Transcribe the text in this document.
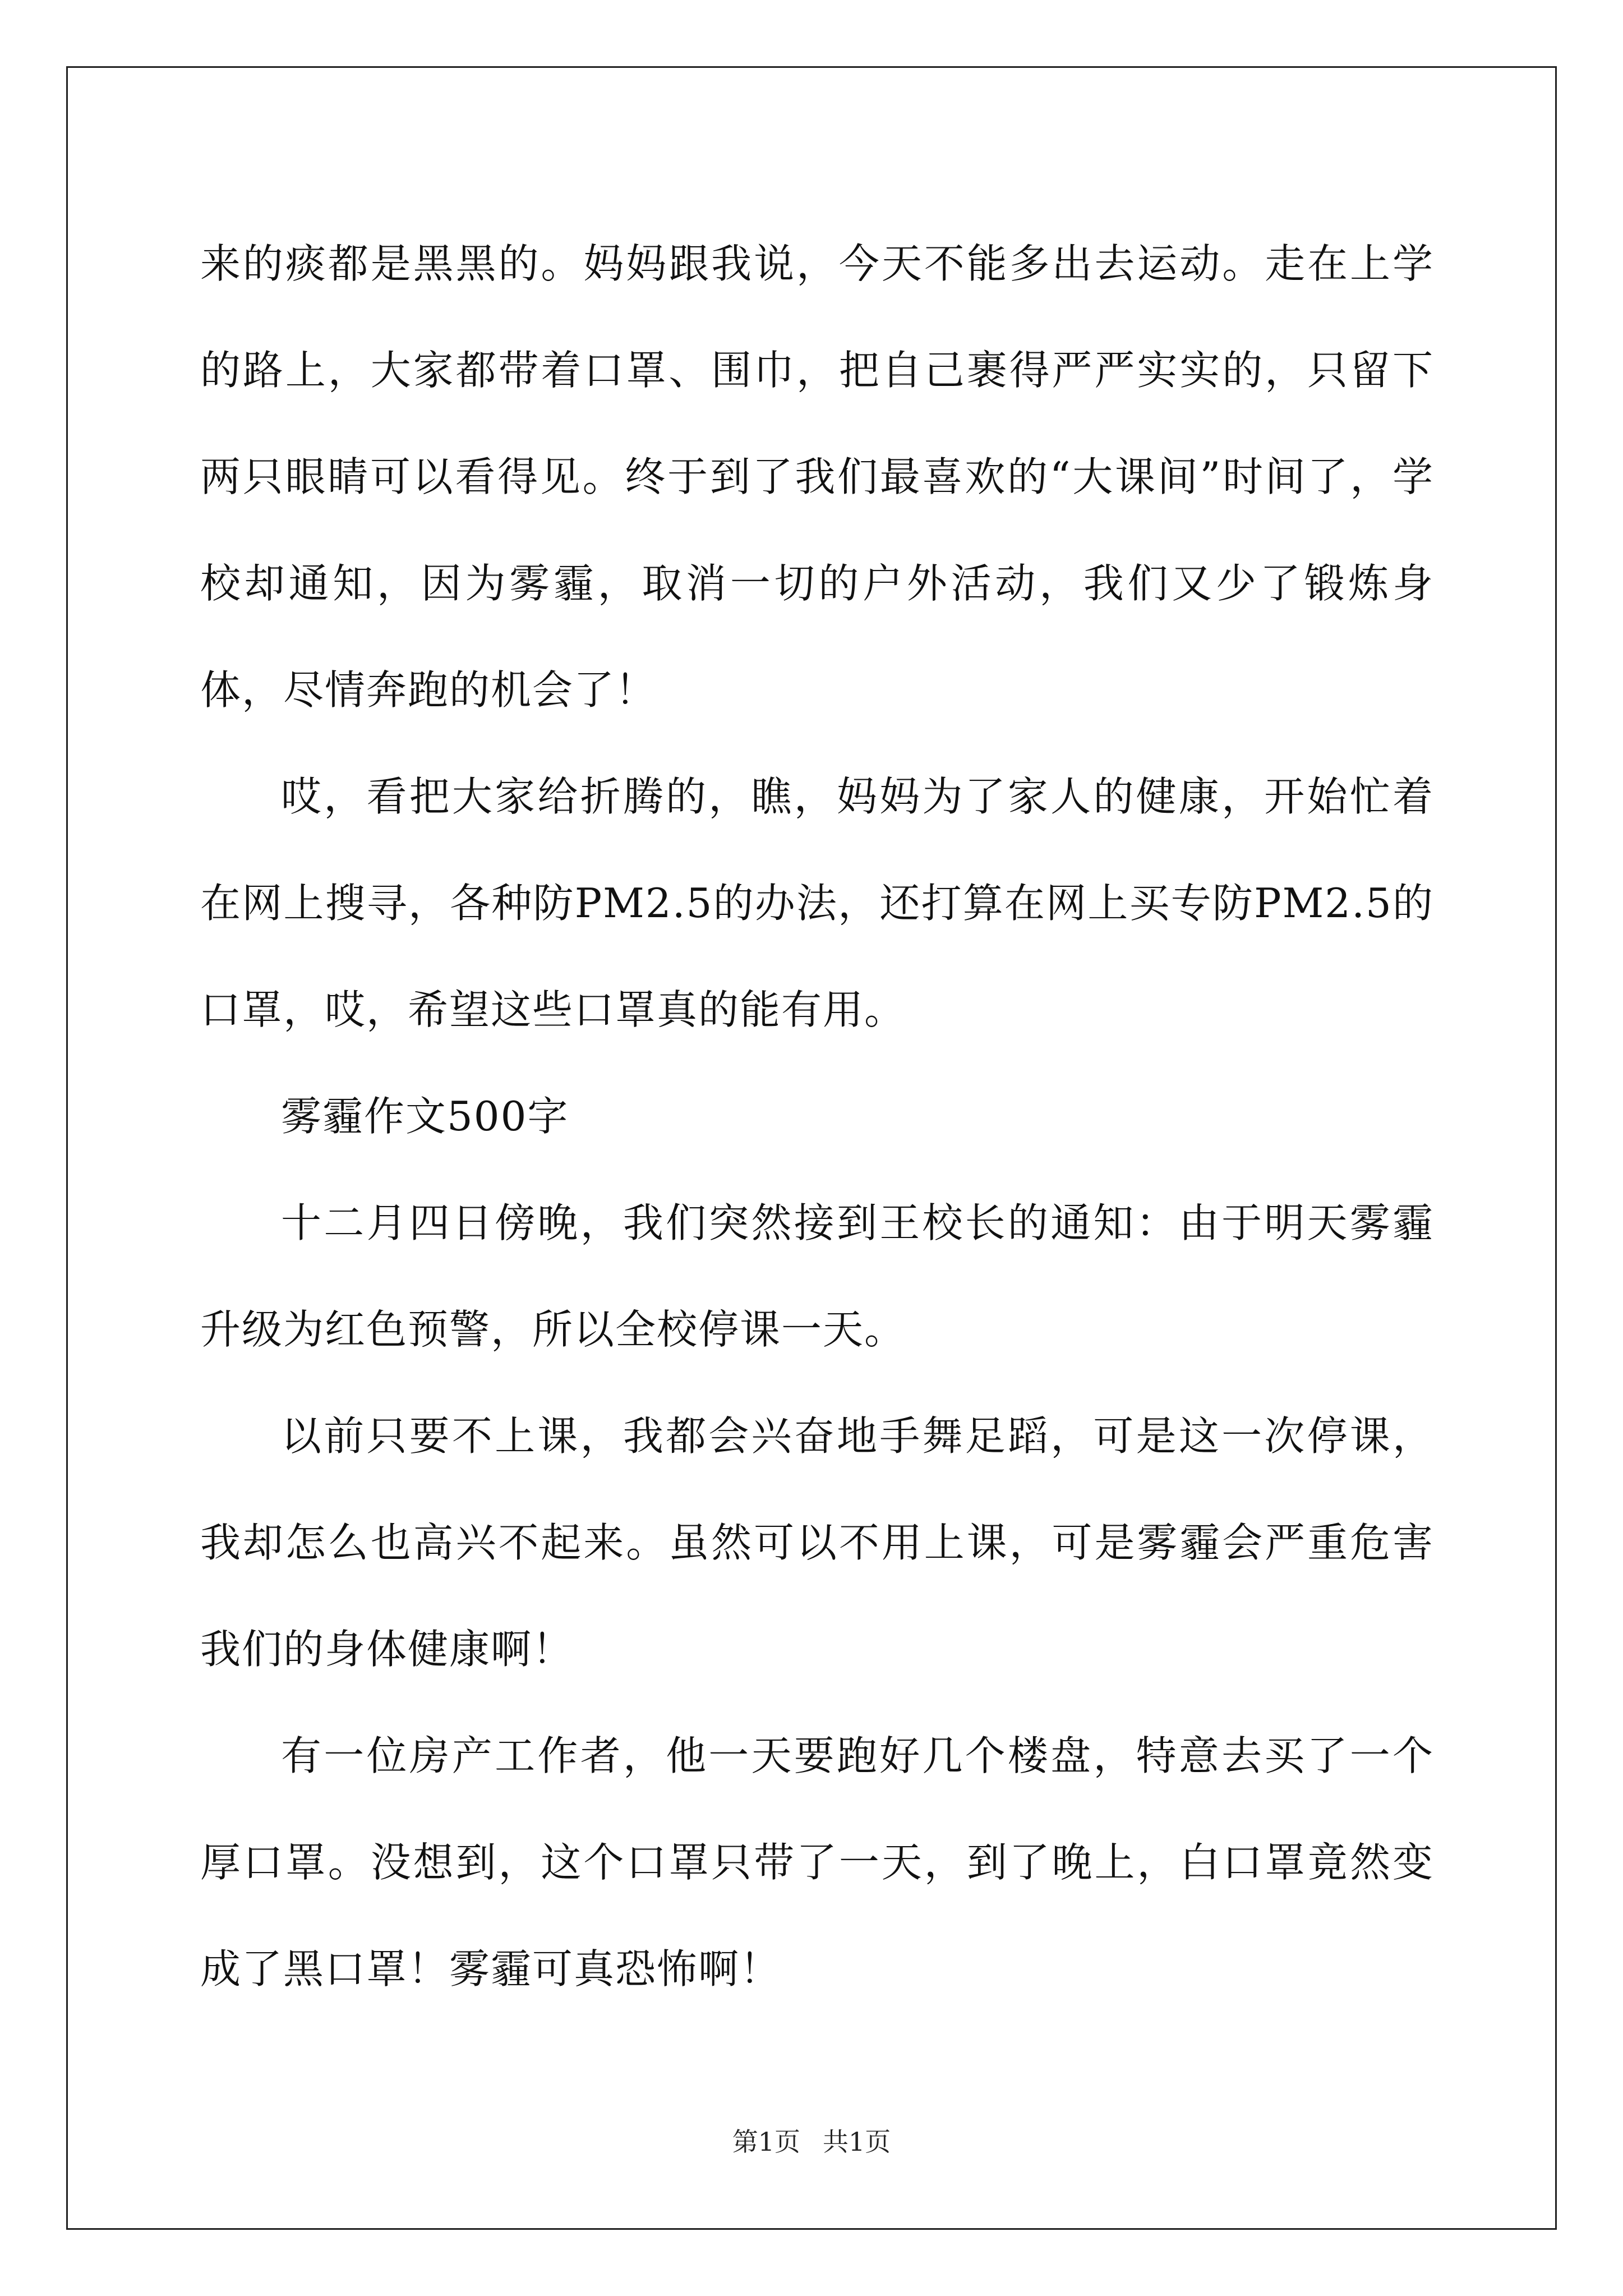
来的痰都是黑黑的。妈妈跟我说，今天不能多出去运动。走在上学的路上，大家都带着口罩、围巾，把自己裹得严严实实的，只留下两只眼睛可以看得见。终于到了我们最喜欢的“大课间”时间了，学校却通知，因为雾霾，取消一切的户外活动，我们又少了锻炼身体，尽情奔跑的机会了！

哎，看把大家给折腾的，瞧，妈妈为了家人的健康，开始忙着在网上搜寻，各种防PM2.5的办法，还打算在网上买专防PM2.5的口罩，哎，希望这些口罩真的能有用。

雾霾作文500字

十二月四日傍晚，我们突然接到王校长的通知：由于明天雾霾升级为红色预警，所以全校停课一天。

以前只要不上课，我都会兴奋地手舞足蹈，可是这一次停课，我却怎么也高兴不起来。虽然可以不用上课，可是雾霾会严重危害我们的身体健康啊！

有一位房产工作者，他一天要跑好几个楼盘，特意去买了一个厚口罩。没想到，这个口罩只带了一天，到了晚上，白口罩竟然变成了黑口罩！雾霾可真恐怖啊！

第1页 共1页
